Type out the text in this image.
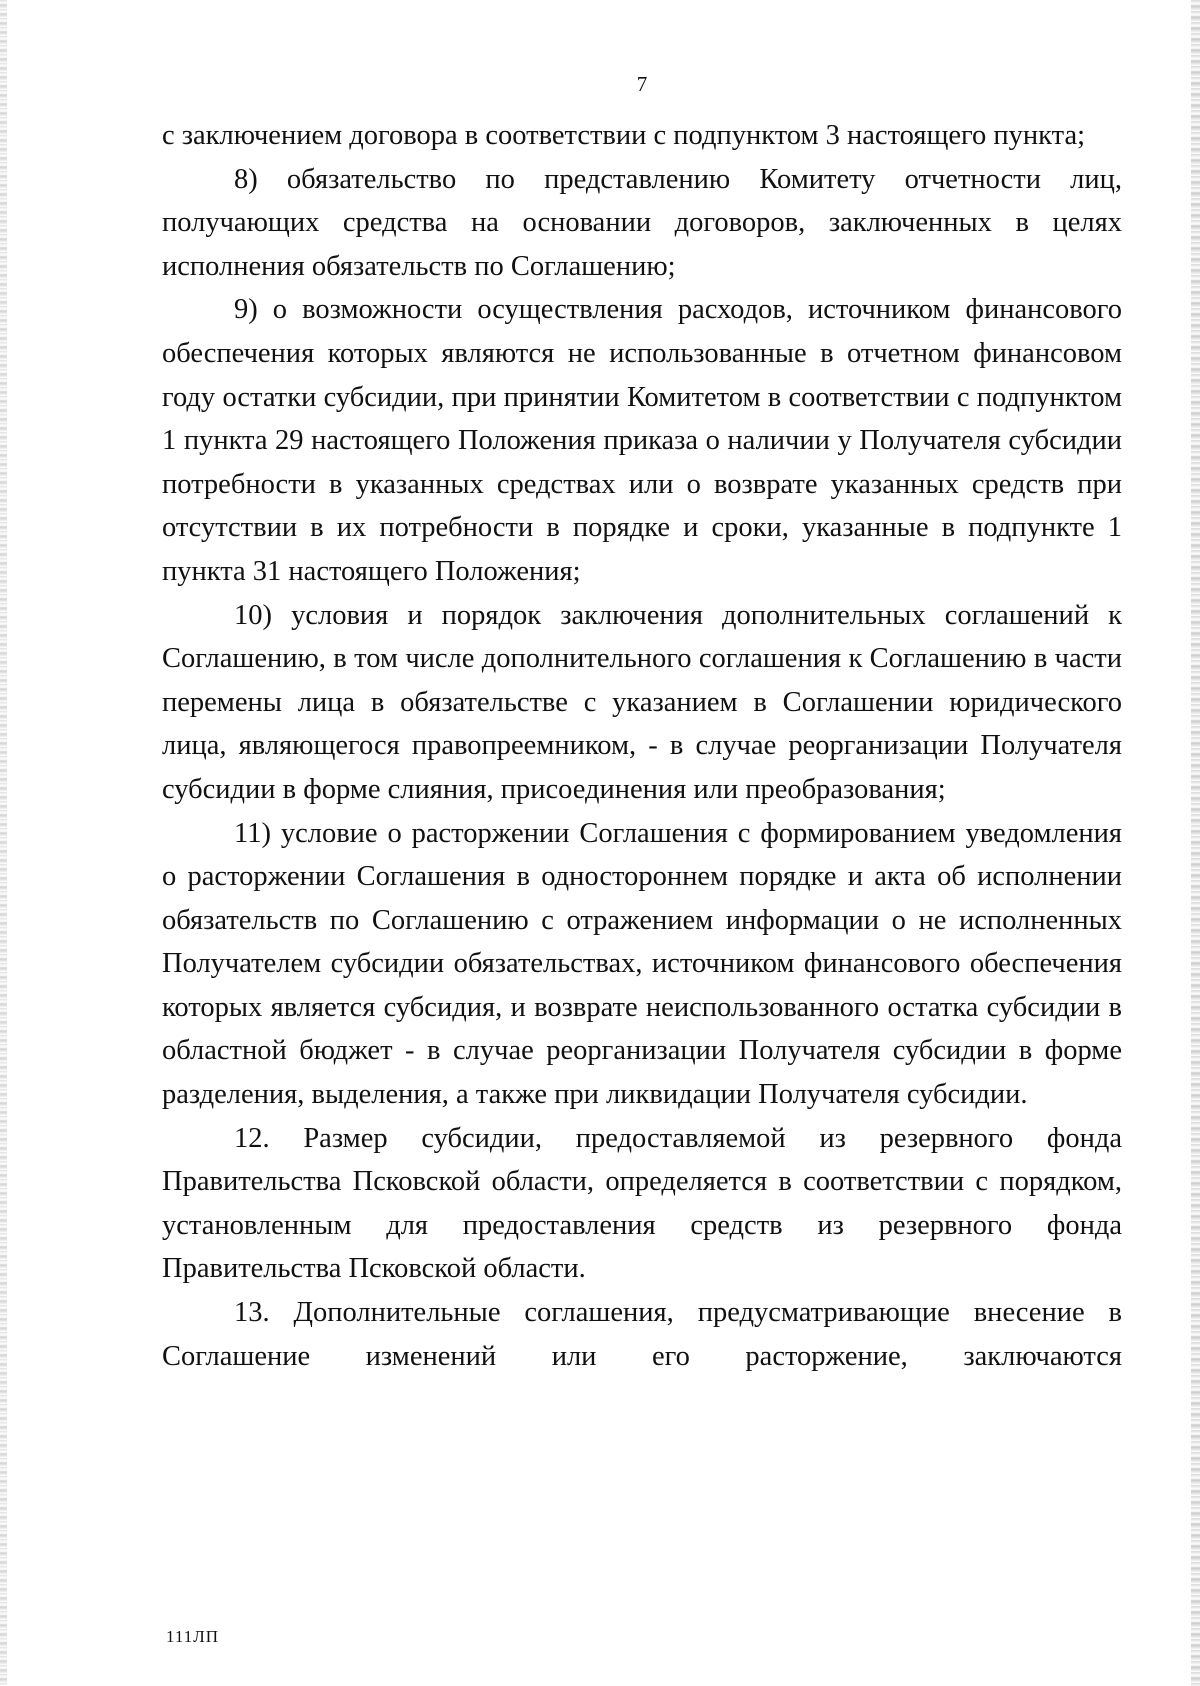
7

с заключением договора в соответствии с подпунктом 3 настоящего пункта;

8) обязательство по представлению Комитету отчетности лиц, получающих средства на основании договоров, заключенных в целях исполнения обязательств по Соглашению;

9) о возможности осуществления расходов, источником финансового обеспечения которых являются не использованные в отчетном финансовом году остатки субсидии, при принятии Комитетом в соответствии с подпунктом 1 пункта 29 настоящего Положения приказа о наличии у Получателя субсидии потребности в указанных средствах или о возврате указанных средств при отсутствии в их потребности в порядке и сроки, указанные в подпункте 1 пункта 31 настоящего Положения;

10) условия и порядок заключения дополнительных соглашений к Соглашению, в том числе дополнительного соглашения к Соглашению в части перемены лица в обязательстве с указанием в Соглашении юридического лица, являющегося правопреемником, - в случае реорганизации Получателя субсидии в форме слияния, присоединения или преобразования;

11) условие о расторжении Соглашения с формированием уведомления о расторжении Соглашения в одностороннем порядке и акта об исполнении обязательств по Соглашению с отражением информации о не исполненных Получателем субсидии обязательствах, источником финансового обеспечения которых является субсидия, и возврате неиспользованного остатка субсидии в областной бюджет - в случае реорганизации Получателя субсидии в форме разделения, выделения, а также при ликвидации Получателя субсидии.

12. Размер субсидии, предоставляемой из резервного фонда Правительства Псковской области, определяется в соответствии с порядком, установленным для предоставления средств из резервного фонда Правительства Псковской области.

13. Дополнительные соглашения, предусматривающие внесение в Соглашение изменений или его расторжение, заключаются

111ЛП
